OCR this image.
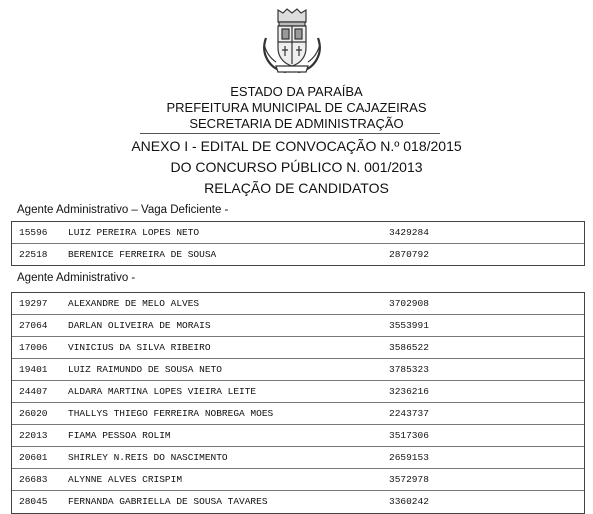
ESTADO DA PARAÍBA
PREFEITURA MUNICIPAL DE CAJAZEIRAS
SECRETARIA DE ADMINISTRAÇÃO
ANEXO I - EDITAL DE CONVOCAÇÃO N.º 018/2015
DO CONCURSO PÚBLICO N. 001/2013
RELAÇÃO DE CANDIDATOS
Agente Administrativo – Vaga Deficiente -
15596 LUIZ PEREIRA LOPES NETO	3429284
22518 BERENICE FERREIRA DE SOUSA	2870792
Agente Administrativo -
19297 ALEXANDRE DE MELO ALVES	3702908
27064 DARLAN OLIVEIRA DE MORAIS	3553991
17006 VINICIUS DA SILVA RIBEIRO	3586522
19401 LUIZ RAIMUNDO DE SOUSA NETO	3785323
24407 ALDARA MARTINA LOPES VIEIRA LEITE	3236216
26020 THALLYS THIEGO FERREIRA NOBREGA MOES	2243737
22013 FIAMA PESSOA ROLIM	3517306
20601 SHIRLEY N.REIS DO NASCIMENTO	2659153
26683 ALYNNE ALVES CRISPIM	3572978
28045 FERNANDA GABRIELLA DE SOUSA TAVARES	3360242
